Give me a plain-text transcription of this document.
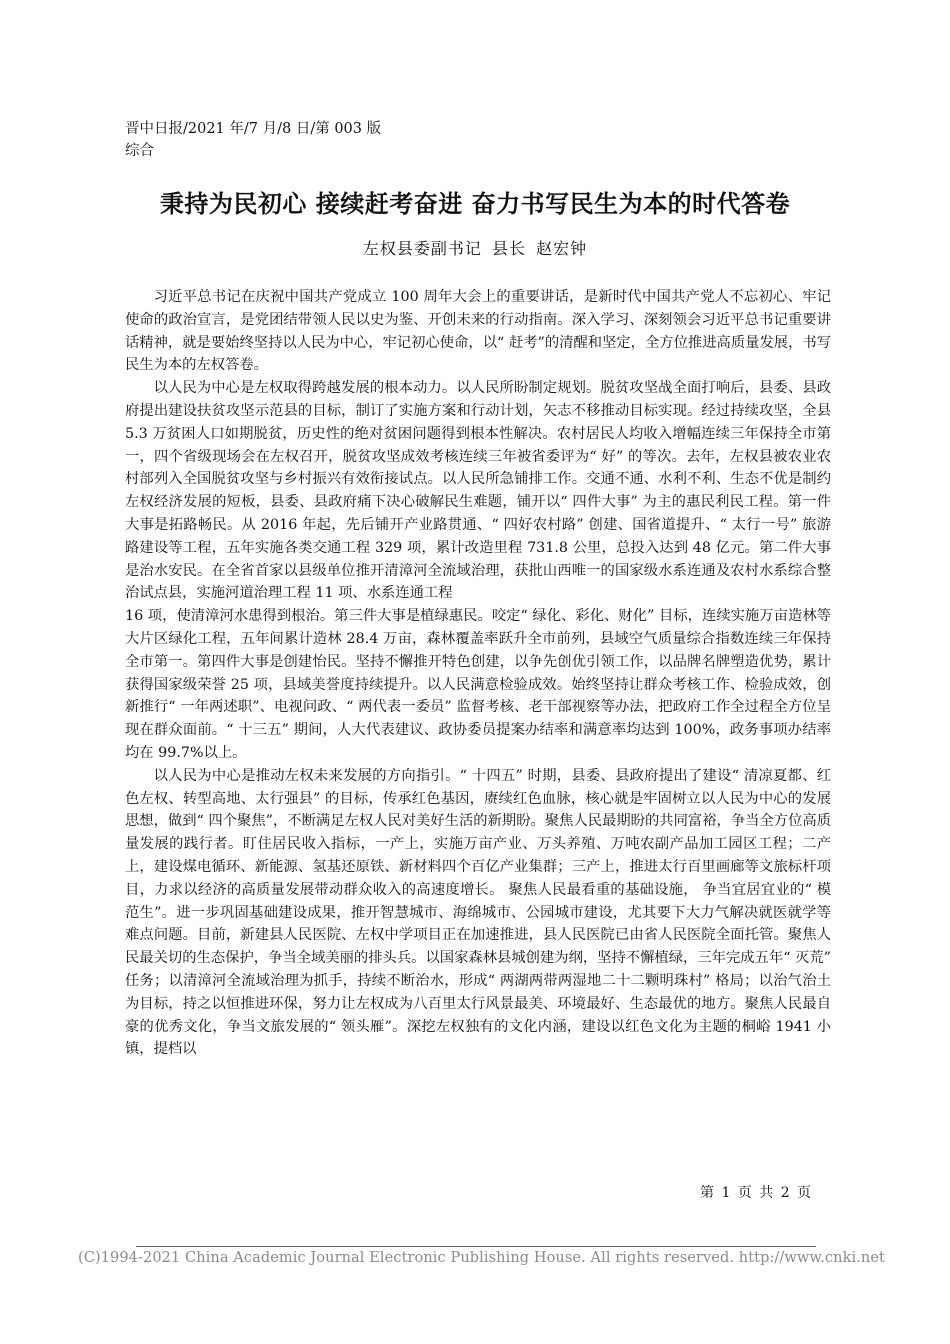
晋中日报/2021 年/7 月/8 日/第 003 版综合
秉持为民初心 接续赶考奋进 奋力书写民生为本的时代答卷
左权县委副书记 县长 赵宏钟

习近平总书记在庆祝中国共产党成立 100 周年大会上的重要讲话，是新时代中国共产党人不忘初心、牢记使命的政治宣言，是党团结带领人民以史为鉴、开创未来的行动指南。深入学习、深刻领会习近平总书记重要讲话精神，就是要始终坚持以人民为中心，牢记初心使命，以“ 赶考”的清醒和坚定，全方位推进高质量发展，书写民生为本的左权答卷。

以人民为中心是左权取得跨越发展的根本动力。以人民所盼制定规划。脱贫攻坚战全面打响后，县委、县政府提出建设扶贫攻坚示范县的目标，制订了实施方案和行动计划，矢志不移推动目标实现。经过持续攻坚，全县 5.3 万贫困人口如期脱贫，历史性的绝对贫困问题得到根本性解决。农村居民人均收入增幅连续三年保持全市第一，四个省级现场会在左权召开，脱贫攻坚成效考核连续三年被省委评为“ 好” 的等次。去年，左权县被农业农村部列入全国脱贫攻坚与乡村振兴有效衔接试点。以人民所急铺排工作。交通不通、水利不利、生态不优是制约左权经济发展的短板，县委、县政府痛下决心破解民生难题，铺开以“ 四件大事” 为主的惠民利民工程。第一件大事是拓路畅民。从 2016 年起，先后铺开产业路贯通、“ 四好农村路” 创建、国省道提升、“ 太行一号” 旅游路建设等工程，五年实施各类交通工程 329 项，累计改造里程 731.8 公里，总投入达到 48 亿元。第二件大事是治水安民。在全省首家以县级单位推开清漳河全流域治理，获批山西唯一的国家级水系连通及农村水系综合整治试点县，实施河道治理工程 11 项、水系连通工程

16 项，使清漳河水患得到根治。第三件大事是植绿惠民。咬定“ 绿化、彩化、财化” 目标，连续实施万亩造林等大片区绿化工程，五年间累计造林 28.4 万亩，森林覆盖率跃升全市前列，县域空气质量综合指数连续三年保持全市第一。第四件大事是创建怡民。坚持不懈推开特色创建，以争先创优引领工作，以品牌名牌塑造优势，累计获得国家级荣誉 25 项，县域美誉度持续提升。以人民满意检验成效。始终坚持让群众考核工作、检验成效，创新推行“ 一年两述职”、电视问政、“ 两代表一委员” 监督考核、老干部视察等办法，把政府工作全过程全方位呈现在群众面前。“ 十三五” 期间，人大代表建议、政协委员提案办结率和满意率均达到 100%，政务事项办结率均在 99.7%以上。

以人民为中心是推动左权未来发展的方向指引。“ 十四五” 时期，县委、县政府提出了建设“ 清凉夏都、红色左权、转型高地、太行强县” 的目标，传承红色基因，赓续红色血脉，核心就是牢固树立以人民为中心的发展思想，做到“ 四个聚焦”，不断满足左权人民对美好生活的新期盼。聚焦人民最期盼的共同富裕，争当全方位高质量发展的践行者。盯住居民收入指标，一产上，实施万亩产业、万头养殖、万吨农副产品加工园区工程；二产上，建设煤电循环、新能源、氢基还原铁、新材料四个百亿产业集群；三产上，推进太行百里画廊等文旅标杆项目，力求以经济的高质量发展带动群众收入的高速度增长。 聚焦人民最看重的基础设施， 争当宜居宜业的“ 模范生”。进一步巩固基础建设成果，推开智慧城市、海绵城市、公园城市建设，尤其要下大力气解决就医就学等难点问题。目前，新建县人民医院、左权中学项目正在加速推进，县人民医院已由省人民医院全面托管。聚焦人民最关切的生态保护，争当全域美丽的排头兵。以国家森林县城创建为纲，坚持不懈植绿，三年完成五年“ 灭荒” 任务；以清漳河全流域治理为抓手，持续不断治水，形成“ 两湖两带两湿地二十二颗明珠村” 格局；以治气治土为目标，持之以恒推进环保，努力让左权成为八百里太行风景最美、环境最好、生态最优的地方。聚焦人民最自豪的优秀文化，争当文旅发展的“ 领头雁”。深挖左权独有的文化内涵，建设以红色文化为主题的桐峪 1941 小镇，提档以

第 1 页 共 2 页
(C)1994-2021 China Academic Journal Electronic Publishing House. All rights reserved. http://www.cnki.net
